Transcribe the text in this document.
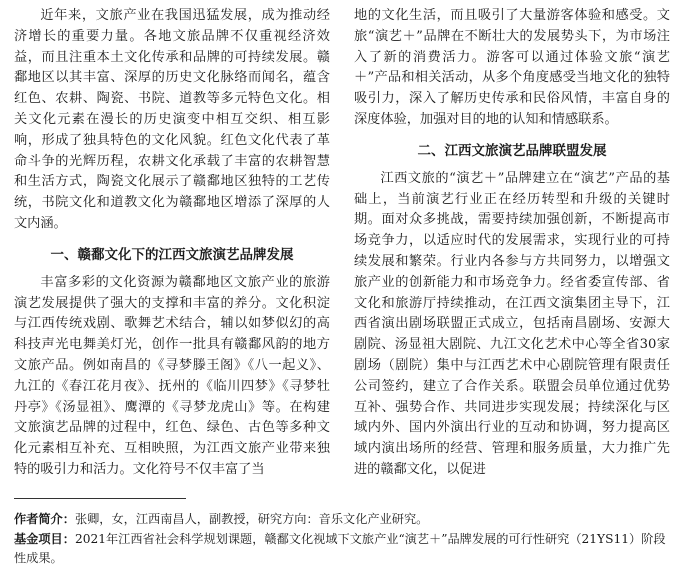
近年来，文旅产业在我国迅猛发展，成为推动经济增长的重要力量。各地文旅品牌不仅重视经济效益，而且注重本土文化传承和品牌的可持续发展。赣鄱地区以其丰富、深厚的历史文化脉络而闻名，蕴含红色、农耕、陶瓷、书院、道教等多元特色文化。相关文化元素在漫长的历史演变中相互交织、相互影响，形成了独具特色的文化风貌。红色文化代表了革命斗争的光辉历程，农耕文化承载了丰富的农耕智慧和生活方式，陶瓷文化展示了赣鄱地区独特的工艺传统，书院文化和道教文化为赣鄱地区增添了深厚的人文内涵。

一、赣鄱文化下的江西文旅演艺品牌发展

丰富多彩的文化资源为赣鄱地区文旅产业的旅游演艺发展提供了强大的支撑和丰富的养分。文化积淀与江西传统戏剧、歌舞艺术结合，辅以如梦似幻的高科技声光电舞美灯光，创作一批具有赣鄱风韵的地方文旅产品。例如南昌的《寻梦滕王阁》《八一起义》、九江的《春江花月夜》、抚州的《临川四梦》《寻梦牡丹亭》《汤显祖》、鹰潭的《寻梦龙虎山》等。在构建文旅演艺品牌的过程中，红色、绿色、古色等多种文化元素相互补充、互相映照，为江西文旅产业带来独特的吸引力和活力。文化符号不仅丰富了当

地的文化生活，而且吸引了大量游客体验和感受。文旅“演艺＋”品牌在不断壮大的发展势头下，为市场注入了新的消费活力。游客可以通过体验文旅“演艺＋”产品和相关活动，从多个角度感受当地文化的独特吸引力，深入了解历史传承和民俗风情，丰富自身的深度体验，加强对目的地的认知和情感联系。

二、江西文旅演艺品牌联盟发展

江西文旅的“演艺＋”品牌建立在“演艺”产品的基础上，当前演艺行业正在经历转型和升级的关键时期。面对众多挑战，需要持续加强创新，不断提高市场竞争力，以适应时代的发展需求，实现行业的可持续发展和繁荣。行业内各参与方共同努力，以增强文旅产业的创新能力和市场竞争力。经省委宣传部、省文化和旅游厅持续推动，在江西文演集团主导下，江西省演出剧场联盟正式成立，包括南昌剧场、安源大剧院、汤显祖大剧院、九江文化艺术中心等全省30家剧场（剧院）集中与江西艺术中心剧院管理有限责任公司签约，建立了合作关系。联盟会员单位通过优势互补、强势合作、共同进步实现发展；持续深化与区域内外、国内外演出行业的互动和协调，努力提高区域内演出场所的经营、管理和服务质量，大力推广先进的赣鄱文化，以促进

作者简介：张卿，女，江西南昌人，副教授，研究方向：音乐文化产业研究。

基金项目：2021年江西省社会科学规划课题，赣鄱文化视域下文旅产业“演艺＋”品牌发展的可行性研究（21YS11）阶段性成果。
